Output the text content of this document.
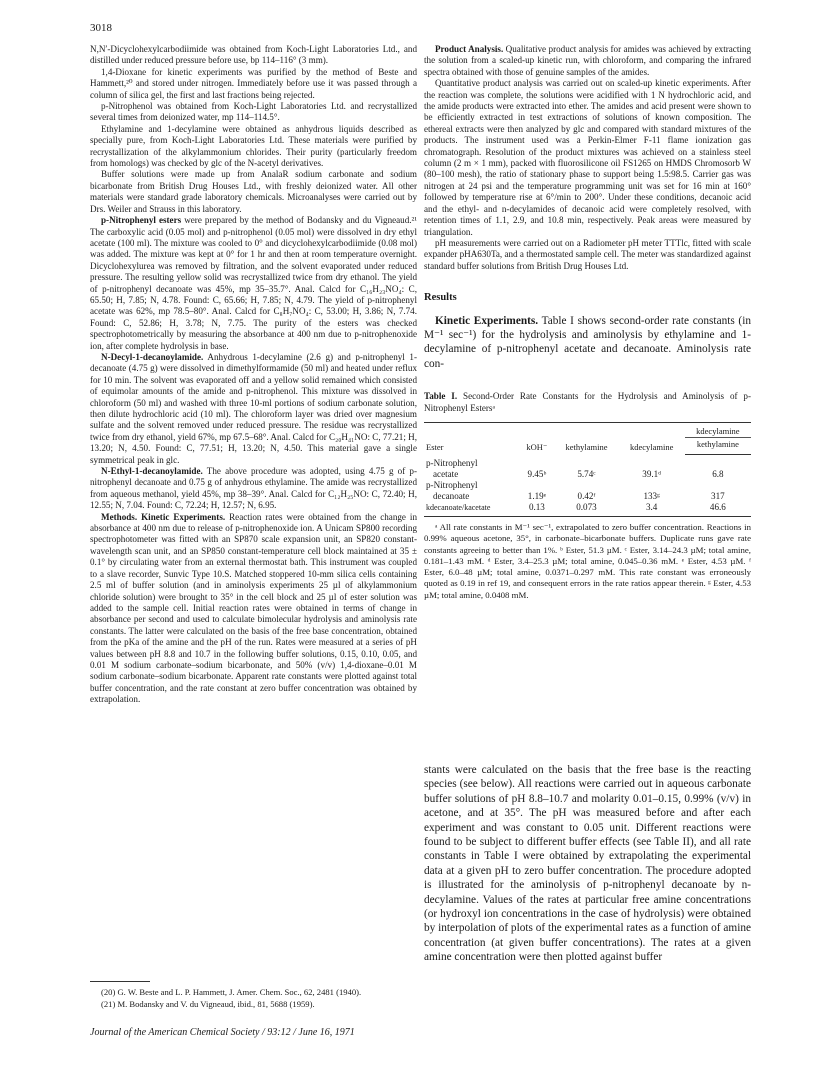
3018

N,N′-Dicyclohexylcarbodiimide was obtained from Koch-Light Laboratories Ltd., and distilled under reduced pressure before use, bp 114–116° (3 mm).

1,4-Dioxane for kinetic experiments was purified by the method of Beste and Hammett,²⁰ and stored under nitrogen. Immediately before use it was passed through a column of silica gel, the first and last fractions being rejected.

p-Nitrophenol was obtained from Koch-Light Laboratories Ltd. and recrystallized several times from deionized water, mp 114–114.5°.

Ethylamine and 1-decylamine were obtained as anhydrous liquids described as specially pure, from Koch-Light Laboratories Ltd. These materials were purified by recrystallization of the alkylammonium chlorides. Their purity (particularly freedom from homologs) was checked by glc of the N-acetyl derivatives.

Buffer solutions were made up from AnalaR sodium carbonate and sodium bicarbonate from British Drug Houses Ltd., with freshly deionized water. All other materials were standard grade laboratory chemicals. Microanalyses were carried out by Drs. Weiler and Strauss in this laboratory.

p-Nitrophenyl esters were prepared by the method of Bodansky and du Vigneaud.²¹ The carboxylic acid (0.05 mol) and p-nitrophenol (0.05 mol) were dissolved in dry ethyl acetate (100 ml). The mixture was cooled to 0° and dicyclohexylcarbodiimide (0.08 mol) was added. The mixture was kept at 0° for 1 hr and then at room temperature overnight. Dicyclohexylurea was removed by filtration, and the solvent evaporated under reduced pressure. The resulting yellow solid was recrystallized twice from dry ethanol. The yield of p-nitrophenyl decanoate was 45%, mp 35–35.7°. Anal. Calcd for C₁₆H₂₃NO₄: C, 65.50; H, 7.85; N, 4.78. Found: C, 65.66; H, 7.85; N, 4.79. The yield of p-nitrophenyl acetate was 62%, mp 78.5–80°. Anal. Calcd for C₈H₇NO₄: C, 53.00; H, 3.86; N, 7.74. Found: C, 52.86; H, 3.78; N, 7.75. The purity of the esters was checked spectrophotometrically by measuring the absorbance at 400 nm due to p-nitrophenoxide ion, after complete hydrolysis in base.

N-Decyl-1-decanoylamide. Anhydrous 1-decylamine (2.6 g) and p-nitrophenyl 1-decanoate (4.75 g) were dissolved in dimethylformamide (50 ml) and heated under reflux for 10 min. The solvent was evaporated off and a yellow solid remained which consisted of equimolar amounts of the amide and p-nitrophenol. This mixture was dissolved in chloroform (50 ml) and washed with three 10-ml portions of sodium carbonate solution, then dilute hydrochloric acid (10 ml). The chloroform layer was dried over magnesium sulfate and the solvent removed under reduced pressure. The residue was recrystallized twice from dry ethanol, yield 67%, mp 67.5–68°. Anal. Calcd for C₂₀H₄₁NO: C, 77.21; H, 13.20; N, 4.50. Found: C, 77.51; H, 13.20; N, 4.50. This material gave a single symmetrical peak in glc.

N-Ethyl-1-decanoylamide. The above procedure was adopted, using 4.75 g of p-nitrophenyl decanoate and 0.75 g of anhydrous ethylamine. The amide was recrystallized from aqueous methanol, yield 45%, mp 38–39°. Anal. Calcd for C₁₂H₂₅NO: C, 72.40; H, 12.55; N, 7.04. Found: C, 72.24; H, 12.57; N, 6.95.

Methods. Kinetic Experiments. Reaction rates were obtained from the change in absorbance at 400 nm due to release of p-nitrophenoxide ion. A Unicam SP800 recording spectrophotometer was fitted with an SP870 scale expansion unit, an SP820 constant-wavelength scan unit, and an SP850 constant-temperature cell block maintained at 35 ± 0.1° by circulating water from an external thermostat bath. This instrument was coupled to a slave recorder, Sunvic Type 10.S. Matched stoppered 10-mm silica cells containing 2.5 ml of buffer solution (and in aminolysis experiments 25 µl of alkylammonium chloride solution) were brought to 35° in the cell block and 25 µl of ester solution was added to the sample cell. Initial reaction rates were obtained in terms of change in absorbance per second and used to calculate bimolecular hydrolysis and aminolysis rate constants. The latter were calculated on the basis of the free base concentration, obtained from the pKa of the amine and the pH of the run. Rates were measured at a series of pH values between pH 8.8 and 10.7 in the following buffer solutions, 0.15, 0.10, 0.05, and 0.01 M sodium carbonate–sodium bicarbonate, and 50% (v/v) 1,4-dioxane–0.01 M sodium carbonate–sodium bicarbonate. Apparent rate constants were plotted against total buffer concentration, and the rate constant at zero buffer concentration was obtained by extrapolation.

(20) G. W. Beste and L. P. Hammett, J. Amer. Chem. Soc., 62, 2481 (1940).

(21) M. Bodansky and V. du Vigneaud, ibid., 81, 5688 (1959).

Product Analysis. Qualitative product analysis for amides was achieved by extracting the solution from a scaled-up kinetic run, with chloroform, and comparing the infrared spectra obtained with those of genuine samples of the amides.

Quantitative product analysis was carried out on scaled-up kinetic experiments. After the reaction was complete, the solutions were acidified with 1 N hydrochloric acid, and the amide products were extracted into ether. The amides and acid present were shown to be efficiently extracted in test extractions of solutions of known composition. The ethereal extracts were then analyzed by glc and compared with standard mixtures of the products. The instrument used was a Perkin-Elmer F-11 flame ionization gas chromatograph. Resolution of the product mixtures was achieved on a stainless steel column (2 m × 1 mm), packed with fluorosilicone oil FS1265 on HMDS Chromosorb W (80–100 mesh), the ratio of stationary phase to support being 1.5:98.5. Carrier gas was nitrogen at 24 psi and the temperature programming unit was set for 16 min at 160° followed by temperature rise at 6°/min to 200°. Under these conditions, decanoic acid and the ethyl- and n-decylamides of decanoic acid were completely resolved, with retention times of 1.1, 2.9, and 10.8 min, respectively. Peak areas were measured by triangulation.

pH measurements were carried out on a Radiometer pH meter TTTlc, fitted with scale expander pHA630Ta, and a thermostated sample cell. The meter was standardized against standard buffer solutions from British Drug Houses Ltd.

Results

Kinetic Experiments. Table I shows second-order rate constants (in M⁻¹ sec⁻¹) for the hydrolysis and aminolysis by ethylamine and 1-decylamine of p-nitrophenyl acetate and decanoate. Aminolysis rate con-

Table I. Second-Order Rate Constants for the Hydrolysis and Aminolysis of p-Nitrophenyl Estersᵃ
Ester	kOH⁻	kethylamine	kdecylamine	kdecylamine
				kethylamine
p-Nitrophenyl				
acetate	9.45ᵇ	5.74ᶜ	39.1ᵈ	6.8
p-Nitrophenyl				
decanoate	1.19ᵉ	0.42ᶠ	133ᵍ	317
kdecanoate/kacetate	0.13	0.073	3.4	46.6
ᵃ All rate constants in M⁻¹ sec⁻¹, extrapolated to zero buffer concentration. Reactions in 0.99% aqueous acetone, 35°, in carbonate–bicarbonate buffers. Duplicate runs gave rate constants agreeing to better than 1%. ᵇ Ester, 51.3 µM. ᶜ Ester, 3.14–24.3 µM; total amine, 0.181–1.43 mM. ᵈ Ester, 3.4–25.3 µM; total amine, 0.045–0.36 mM. ᵉ Ester, 4.53 µM. ᶠ Ester, 6.0–48 µM; total amine, 0.0371–0.297 mM. This rate constant was erroneously quoted as 0.19 in ref 19, and consequent errors in the rate ratios appear therein. ᵍ Ester, 4.53 µM; total amine, 0.0408 mM.

stants were calculated on the basis that the free base is the reacting species (see below). All reactions were carried out in aqueous carbonate buffer solutions of pH 8.8–10.7 and molarity 0.01–0.15, 0.99% (v/v) in acetone, and at 35°. The pH was measured before and after each experiment and was constant to 0.05 unit. Different reactions were found to be subject to different buffer effects (see Table II), and all rate constants in Table I were obtained by extrapolating the experimental data at a given pH to zero buffer concentration. The procedure adopted is illustrated for the aminolysis of p-nitrophenyl decanoate by n-decylamine. Values of the rates at particular free amine concentrations (or hydroxyl ion concentrations in the case of hydrolysis) were obtained by interpolation of plots of the experimental rates as a function of amine concentration (at given buffer concentrations). The rates at a given amine concentration were then plotted against buffer

Journal of the American Chemical Society / 93:12 / June 16, 1971
